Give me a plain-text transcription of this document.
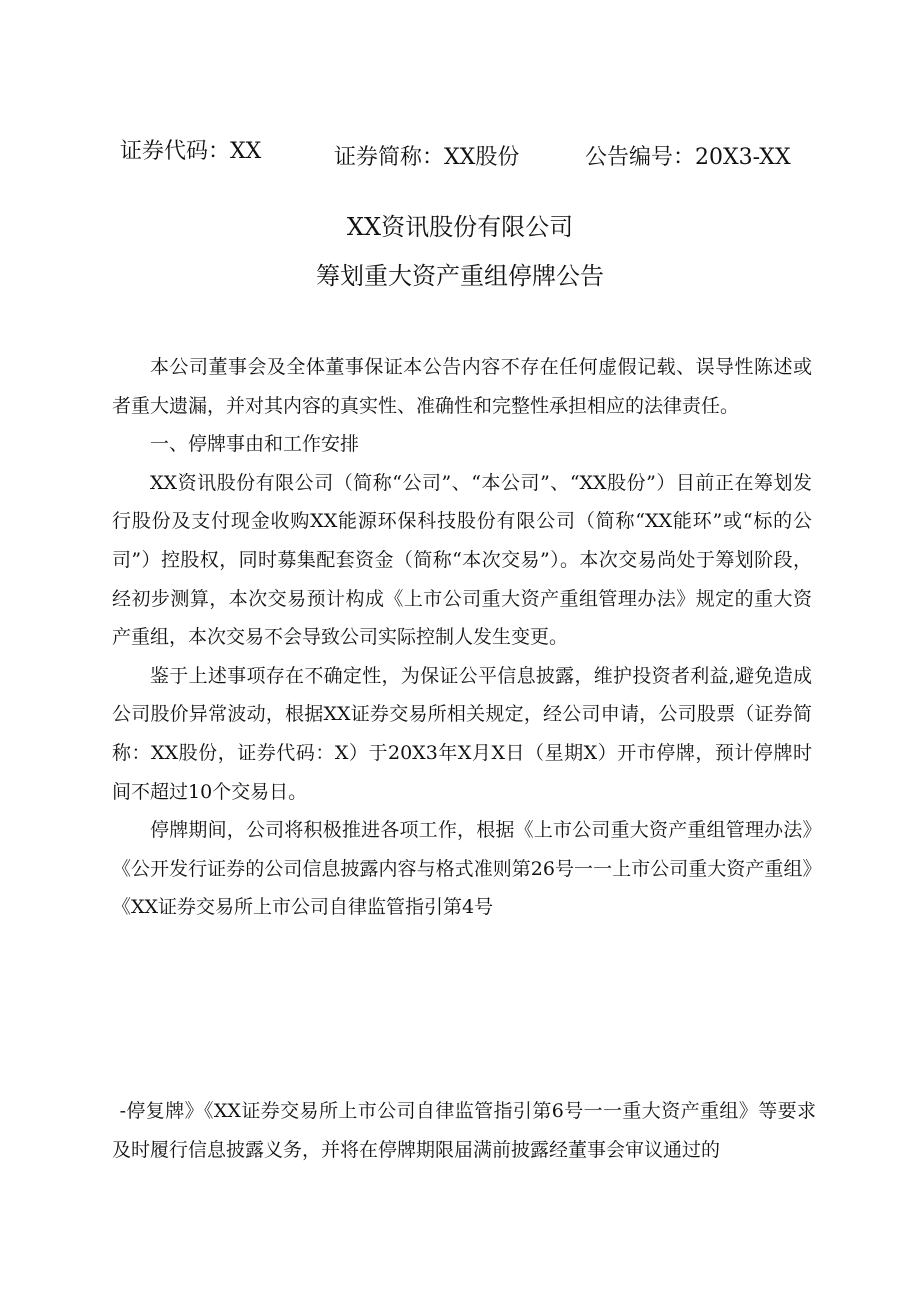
证券代码：XX	证券简称：XX股份	公告编号：20X3-XX
XX资讯股份有限公司
筹划重大资产重组停牌公告

本公司董事会及全体董事保证本公告内容不存在任何虚假记载、误导性陈述或者重大遗漏，并对其内容的真实性、准确性和完整性承担相应的法律责任。

一、停牌事由和工作安排

XX资讯股份有限公司（简称“公司”、“本公司”、“XX股份”）目前正在筹划发行股份及支付现金收购XX能源环保科技股份有限公司（简称“XX能环”或“标的公司”）控股权，同时募集配套资金（简称“本次交易”）。本次交易尚处于筹划阶段，经初步测算，本次交易预计构成《上市公司重大资产重组管理办法》规定的重大资产重组，本次交易不会导致公司实际控制人发生变更。

鉴于上述事项存在不确定性，为保证公平信息披露，维护投资者利益,避免造成公司股价异常波动，根据XX证券交易所相关规定，经公司申请，公司股票（证券简称：XX股份，证券代码：X）于20X3年X月X日（星期X）开市停牌，预计停牌时间不超过10个交易日。

停牌期间，公司将积极推进各项工作，根据《上市公司重大资产重组管理办法》《公开发行证券的公司信息披露内容与格式准则第26号一一上市公司重大资产重组》《XX证券交易所上市公司自律监管指引第4号

-停复牌》《XX证券交易所上市公司自律监管指引第6号一一重大资产重组》等要求及时履行信息披露义务，并将在停牌期限届满前披露经董事会审议通过的
